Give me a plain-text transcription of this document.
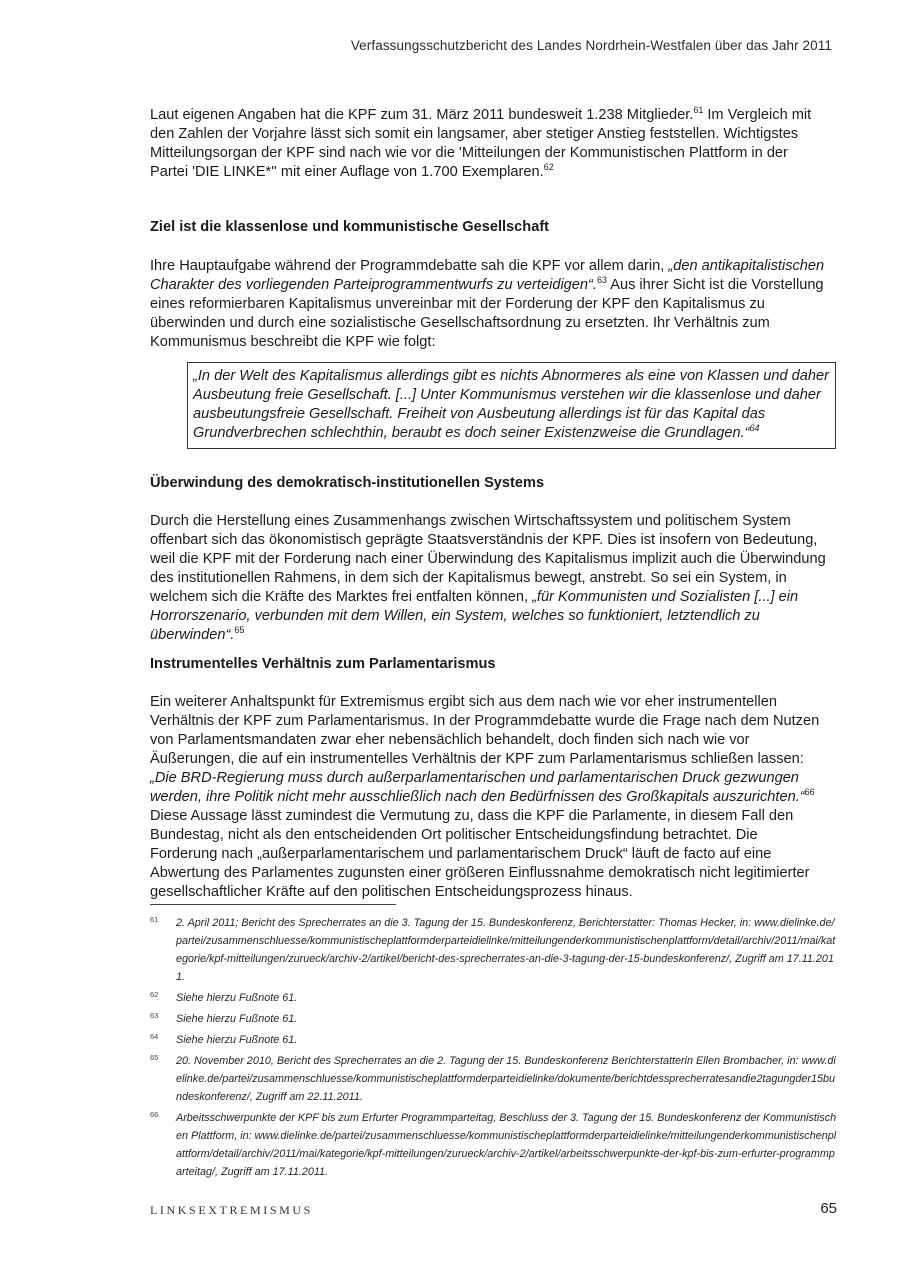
Verfassungsschutzbericht des Landes Nordrhein-Westfalen über das Jahr 2011

Laut eigenen Angaben hat die KPF zum 31. März 2011 bundesweit 1.238 Mitglieder.$^{61}$ Im Vergleich mit den Zahlen der Vorjahre lässt sich somit ein langsamer, aber stetiger Anstieg feststellen. Wichtigstes Mitteilungsorgan der KPF sind nach wie vor die 'Mitteilungen der Kommunistischen Plattform in der Partei 'DIE LINKE*'' mit einer Auflage von 1.700 Exemplaren.$^{62}$

Ziel ist die klassenlose und kommunistische Gesellschaft

Ihre Hauptaufgabe während der Programmdebatte sah die KPF vor allem darin, „den antikapitalistischen Charakter des vorliegenden Parteiprogrammentwurfs zu verteidigen“.$^{63}$ Aus ihrer Sicht ist die Vorstellung eines reformierbaren Kapitalismus unvereinbar mit der Forderung der KPF den Kapitalismus zu überwinden und durch eine sozialistische Gesellschaftsordnung zu ersetzten. Ihr Verhältnis zum Kommunismus beschreibt die KPF wie folgt:

„In der Welt des Kapitalismus allerdings gibt es nichts Abnormeres als eine von Klassen und daher Ausbeutung freie Gesellschaft. [...] Unter Kommunismus verstehen wir die klassenlose und daher ausbeutungsfreie Gesellschaft. Freiheit von Ausbeutung allerdings ist für das Kapital das Grundverbrechen schlechthin, beraubt es doch seiner Existenzweise die Grundlagen.“$^{64}$
Überwindung des demokratisch-institutionellen Systems

Durch die Herstellung eines Zusammenhangs zwischen Wirtschaftssystem und politischem System offenbart sich das ökonomistisch geprägte Staatsverständnis der KPF. Dies ist insofern von Bedeutung, weil die KPF mit der Forderung nach einer Überwindung des Kapitalismus implizit auch die Überwindung des institutionellen Rahmens, in dem sich der Kapitalismus bewegt, anstrebt. So sei ein System, in welchem sich die Kräfte des Marktes frei entfalten können, „für Kommunisten und Sozialisten [...] ein Horrorszenario, verbunden mit dem Willen, ein System, welches so funktioniert, letztendlich zu überwinden“.$^{65}$

Instrumentelles Verhältnis zum Parlamentarismus

Ein weiterer Anhaltspunkt für Extremismus ergibt sich aus dem nach wie vor eher instrumentellen Verhältnis der KPF zum Parlamentarismus. In der Programmdebatte wurde die Frage nach dem Nutzen von Parlamentsmandaten zwar eher nebensächlich behandelt, doch finden sich nach wie vor Äußerungen, die auf ein instrumentelles Verhältnis der KPF zum Parlamentarismus schließen lassen: „Die BRD-Regierung muss durch außerparlamentarischen und parlamentarischen Druck gezwungen werden, ihre Politik nicht mehr ausschließlich nach den Bedürfnissen des Großkapitals auszurichten.“$^{66}$ Diese Aussage lässt zumindest die Vermutung zu, dass die KPF die Parlamente, in diesem Fall den Bundestag, nicht als den entscheidenden Ort politischer Entscheidungsfindung betrachtet. Die Forderung nach „außerparlamentarischem und parlamentarischem Druck“ läuft de facto auf eine Abwertung des Parlamentes zugunsten einer größeren Einflussnahme demokratisch nicht legitimierter gesellschaftlicher Kräfte auf den politischen Entscheidungsprozess hinaus.

61	2. April 2011; Bericht des Sprecherrates an die 3. Tagung der 15. Bundeskonferenz, Berichterstatter: Thomas Hecker, in: www.dielinke.de/partei/zusammenschluesse/kommunistischeplattformderparteidielinke/mitteilungenderkommunistischenplattform/detail/archiv/2011/mai/kategorie/kpf-mitteilungen/zurueck/archiv-2/artikel/bericht-des-sprecherrates-an-die-3-tagung-der-15-bundeskonferenz/, Zugriff am 17.11.2011.
62	Siehe hierzu Fußnote 61.
63	Siehe hierzu Fußnote 61.
64	Siehe hierzu Fußnote 61.
65	20. November 2010, Bericht des Sprecherrates an die 2. Tagung der 15. Bundeskonferenz Berichterstatterin Ellen Brombacher, in: www.dielinke.de/partei/zusammenschluesse/kommunistischeplattformderparteidielinke/dokumente/berichtdessprecherratesandie2tagungder15bundeskonferenz/, Zugriff am 22.11.2011.
66	Arbeitsschwerpunkte der KPF bis zum Erfurter Programmparteitag, Beschluss der 3. Tagung der 15. Bundeskonferenz der Kommunistischen Plattform, in: www.dielinke.de/partei/zusammenschluesse/kommunistischeplattformderparteidielinke/mitteilungenderkommunistischenplattform/detail/archiv/2011/mai/kategorie/kpf-mitteilungen/zurueck/archiv-2/artikel/arbeitsschwerpunkte-der-kpf-bis-zum-erfurter-programmparteitag/, Zugriff am 17.11.2011.
LINKSEXTREMISMUS	65
